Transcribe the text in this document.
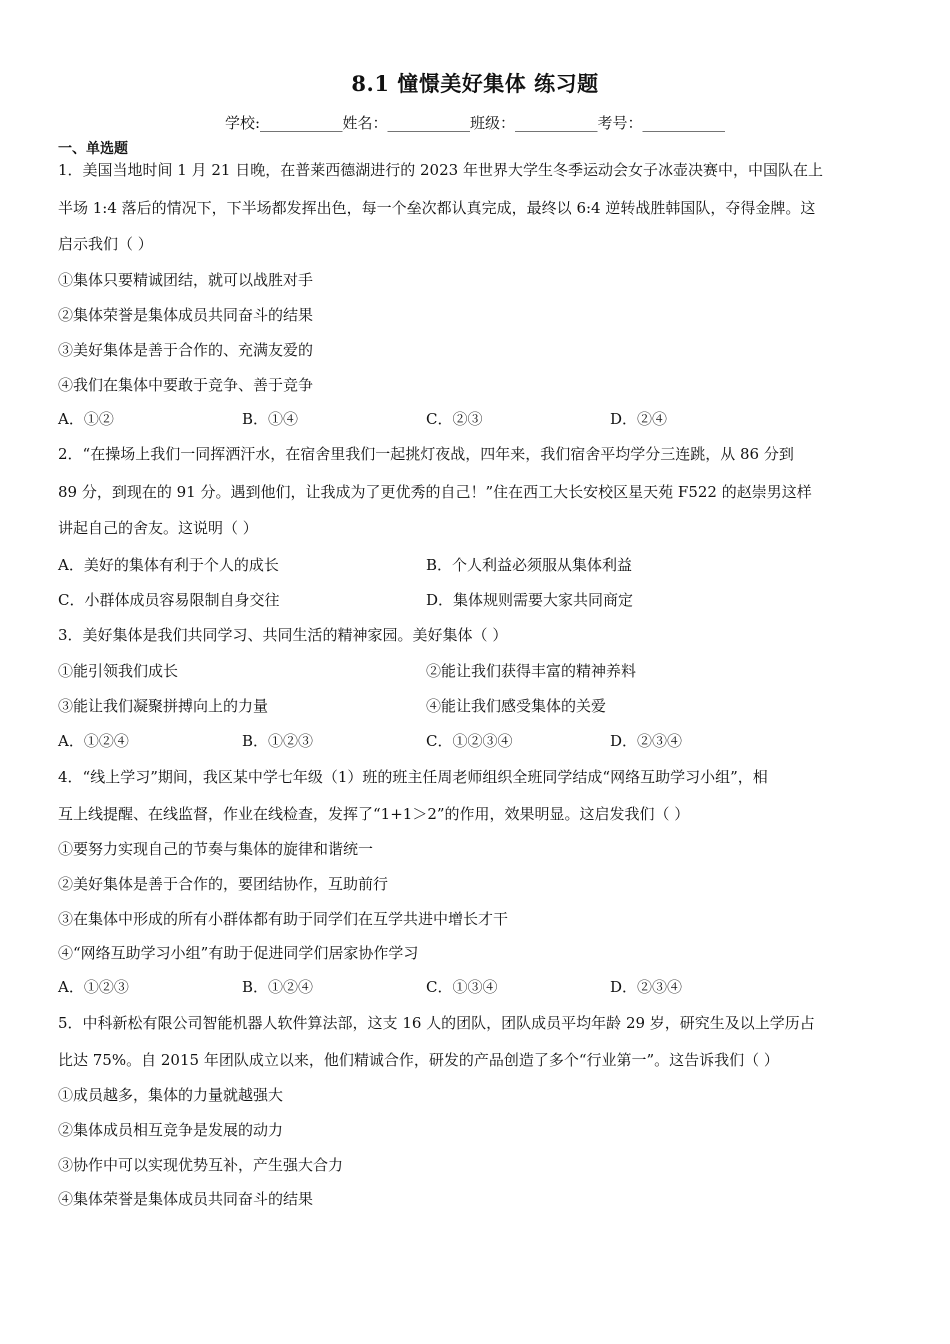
8.1 憧憬美好集体 练习题
学校:___________姓名：___________班级：___________考号：___________
一、单选题
1．美国当地时间 1 月 21 日晚，在普莱西德湖进行的 2023 年世界大学生冬季运动会女子冰壶决赛中，中国队在上
半场 1:4 落后的情况下，下半场都发挥出色，每一个垒次都认真完成，最终以 6:4 逆转战胜韩国队，夺得金牌。这
启示我们（ ）
①集体只要精诚团结，就可以战胜对手
②集体荣誉是集体成员共同奋斗的结果
③美好集体是善于合作的、充满友爱的
④我们在集体中要敢于竞争、善于竞争
A．①②	B．①④	C．②③	D．②④
2．“在操场上我们一同挥洒汗水，在宿舍里我们一起挑灯夜战，四年来，我们宿舍平均学分三连跳，从 86 分到
89 分，到现在的 91 分。遇到他们，让我成为了更优秀的自己！”住在西工大长安校区星天苑 F522 的赵崇男这样
讲起自己的舍友。这说明（ ）
A．美好的集体有利于个人的成长	B．个人利益必须服从集体利益
C．小群体成员容易限制自身交往	D．集体规则需要大家共同商定
3．美好集体是我们共同学习、共同生活的精神家园。美好集体（ ）
①能引领我们成长	②能让我们获得丰富的精神养料
③能让我们凝聚拼搏向上的力量	④能让我们感受集体的关爱
A．①②④	B．①②③	C．①②③④	D．②③④
4．“线上学习”期间，我区某中学七年级（1）班的班主任周老师组织全班同学结成“网络互助学习小组”，相
互上线提醒、在线监督，作业在线检查，发挥了“1+1＞2”的作用，效果明显。这启发我们（ ）
①要努力实现自己的节奏与集体的旋律和谐统一
②美好集体是善于合作的，要团结协作，互助前行
③在集体中形成的所有小群体都有助于同学们在互学共进中增长才干
④“网络互助学习小组”有助于促进同学们居家协作学习
A．①②③	B．①②④	C．①③④	D．②③④
5．中科新松有限公司智能机器人软件算法部，这支 16 人的团队，团队成员平均年龄 29 岁，研究生及以上学历占
比达 75%。自 2015 年团队成立以来，他们精诚合作，研发的产品创造了多个“行业第一”。这告诉我们（ ）
①成员越多，集体的力量就越强大
②集体成员相互竞争是发展的动力
③协作中可以实现优势互补，产生强大合力
④集体荣誉是集体成员共同奋斗的结果
